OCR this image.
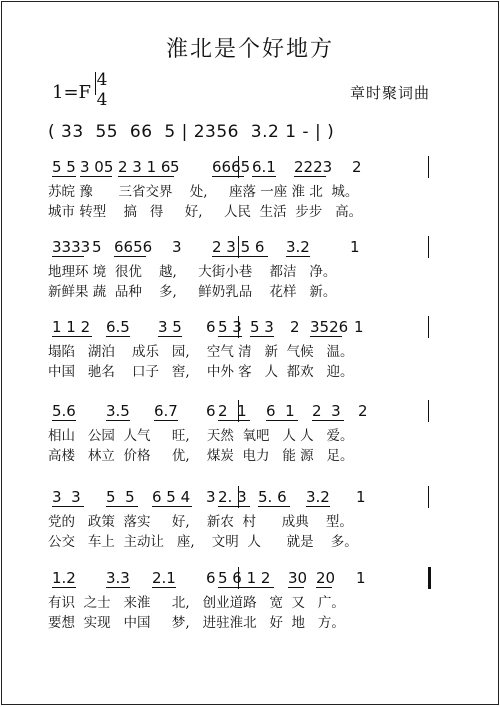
淮北是个好地方
1=F
4
4	章时聚词曲
( 33  55  66  5 | 2356  3.2 1 - | )
5 5 3 05 2 3 1 6 5 6665 6.1 2223 2
苏皖 豫      三省交界    处,     座落 一座 淮 北  城。
城市 转型    搞   得     好,     人民  生活  步步   高。
3333 5 6656 3 2 3 5 6 3.2	1
地理环 境  很优    越,     大街小巷    都洁   净。
新鲜果 蔬  品种    多,     鲜奶乳品    花样   新。
1 1 2 6.5 3 5 6 5 3 5 3 2 3526 1
塌陷   湖泊    成乐   园,    空气 清   新  气候   温。
中国   驰名    口子   窖,    中外 客   人  都欢   迎。
5.6 3.5 6.7 6 2  1 6  1 2  3 2
相山   公园  人气     旺,    天然  氧吧   人 人   爱。
高楼   林立  价格     优,    煤炭  电力   能 源   足。
3  3 5  5 6 5 4 3 2. 3 5. 6 3.2 1
党的   政策  落实     好,    新农  村      成典    型。
公交   车上  主动让   座,    文明  人      就是    多。
1.2 3.3 2.1 6 5 6 1 2 30 20 1
有识  之士   来淮     北,   创业道路   宽  又   广。
要想  实现   中国     梦,   进驻淮北   好  地   方。
